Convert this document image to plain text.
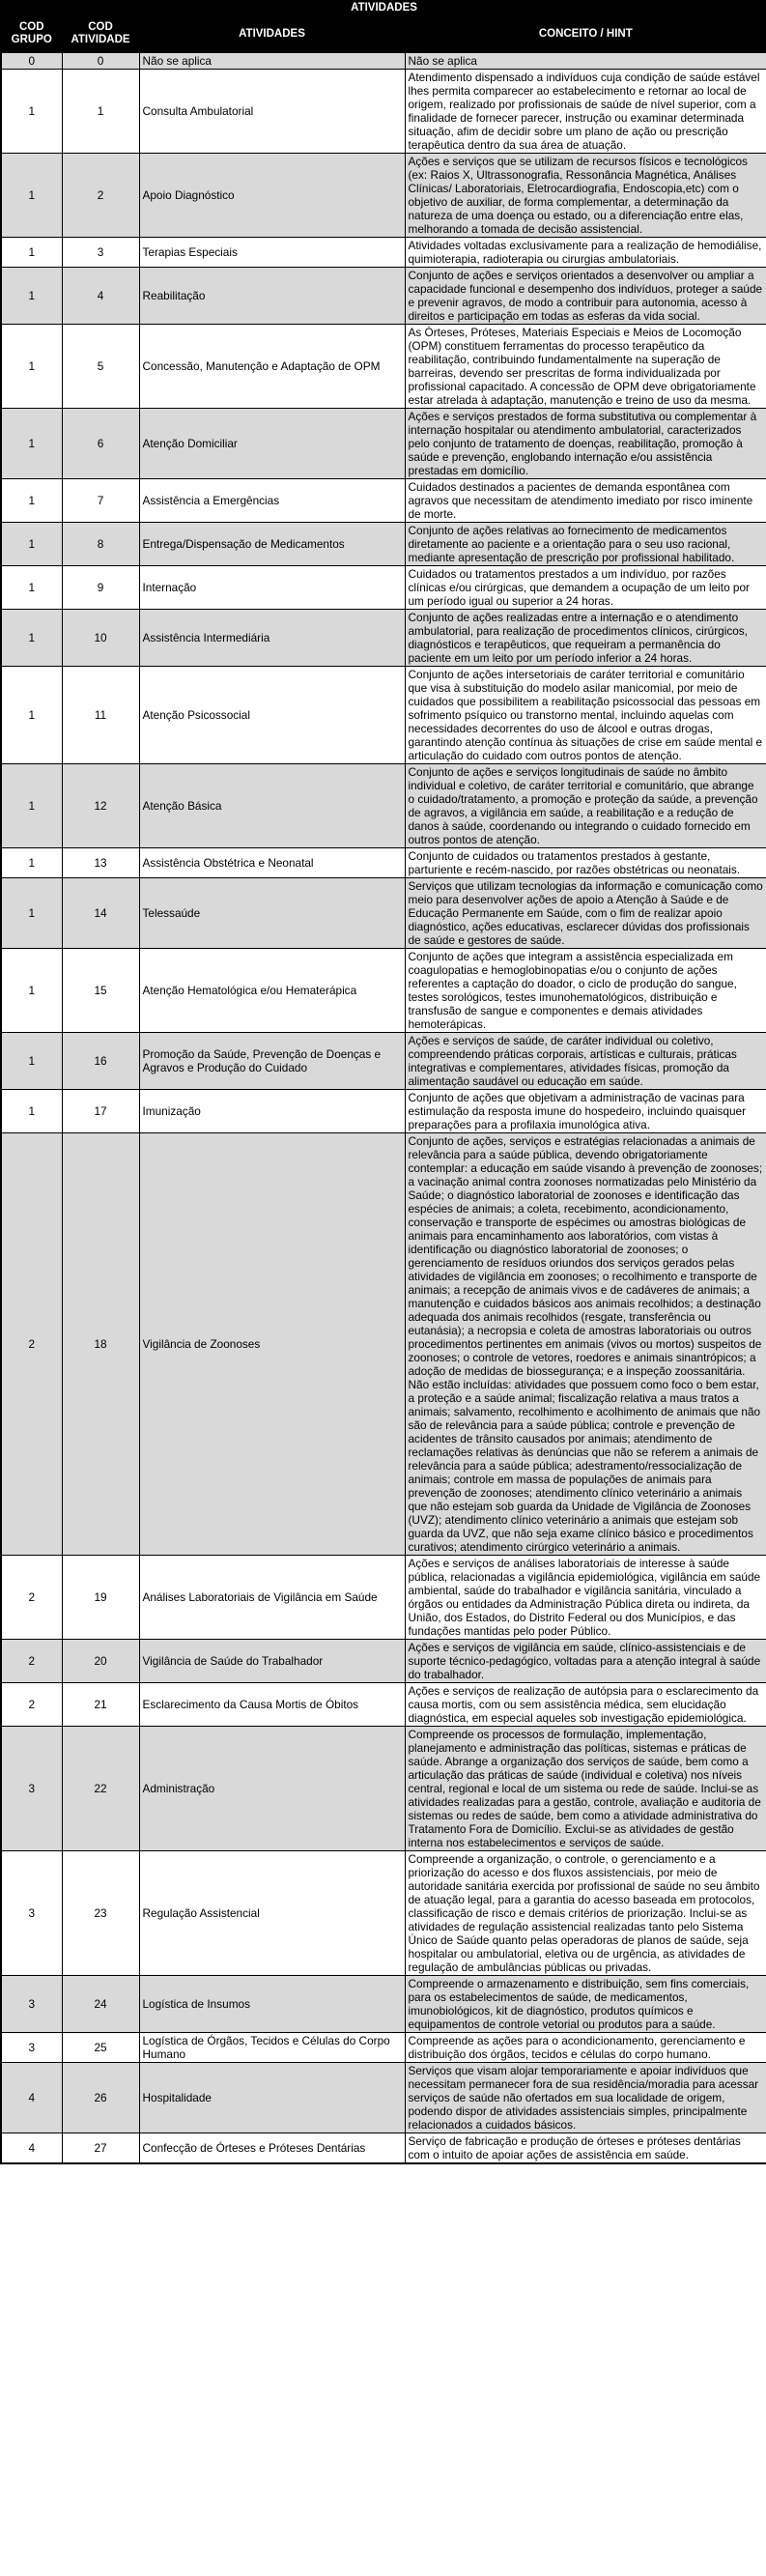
ATIVIDADES			
COD GRUPO	COD ATIVIDADE	ATIVIDADES	CONCEITO / HINT
0	0	Não se aplica	Não se aplica
1	1	Consulta Ambulatorial	Atendimento dispensado a indivíduos cuja condição de saúde estável lhes permita comparecer ao estabelecimento e retornar ao local de origem, realizado por profissionais de saúde de nível superior, com a finalidade de fornecer parecer, instrução ou examinar determinada situação, afim de decidir sobre um plano de ação ou prescrição terapêutica dentro da sua área de atuação.
1	2	Apoio Diagnóstico	Ações e serviços que se utilizam de recursos físicos e tecnológicos (ex: Raios X, Ultrassonografia, Ressonância Magnética, Análises Clínicas/ Laboratoriais, Eletrocardiografia, Endoscopia,etc) com o objetivo de auxiliar, de forma complementar, a determinação da natureza de uma doença ou estado, ou a diferenciação entre elas, melhorando a tomada de decisão assistencial.
1	3	Terapias Especiais	Atividades voltadas exclusivamente para a realização de hemodiálise, quimioterapia, radioterapia ou cirurgias ambulatoriais.
1	4	Reabilitação	Conjunto de ações e serviços orientados a desenvolver ou ampliar a capacidade funcional e desempenho dos indivíduos, proteger a saúde e prevenir agravos, de modo a contribuir para autonomia, acesso à direitos e participação em todas as esferas da vida social.
1	5	Concessão, Manutenção e Adaptação de OPM	As Órteses, Próteses, Materiais Especiais e Meios de Locomoção (OPM) constituem ferramentas do processo terapêutico da reabilitação, contribuindo fundamentalmente na superação de barreiras, devendo ser prescritas de forma individualizada por profissional capacitado. A concessão de OPM deve obrigatoriamente estar atrelada à adaptação, manutenção e treino de uso da mesma.
1	6	Atenção Domiciliar	Ações e serviços prestados de forma substitutiva ou complementar à internação hospitalar ou atendimento ambulatorial, caracterizados pelo conjunto de tratamento de doenças, reabilitação, promoção à saúde e prevenção, englobando internação e/ou assistência prestadas em domicílio.
1	7	Assistência a Emergências	Cuidados destinados a pacientes de demanda espontânea com agravos que necessitam de atendimento imediato por risco iminente de morte.
1	8	Entrega/Dispensação de Medicamentos	Conjunto de ações relativas ao fornecimento de medicamentos diretamente ao paciente e a orientação para o seu uso racional, mediante apresentação de prescrição por profissional habilitado.
1	9	Internação	Cuidados ou tratamentos prestados a um indivíduo, por razões clínicas e/ou cirúrgicas, que demandem a ocupação de um leito por um período igual ou superior a 24 horas.
1	10	Assistência Intermediária	Conjunto de ações realizadas entre a internação e o atendimento ambulatorial, para realização de procedimentos clínicos, cirúrgicos, diagnósticos e terapêuticos, que requeiram a permanência do paciente em um leito por um período inferior a 24 horas.
1	11	Atenção Psicossocial	Conjunto de ações intersetoriais de caráter territorial e comunitário que visa à substituição do modelo asilar manicomial, por meio de cuidados que possibilitem a reabilitação psicossocial das pessoas em sofrimento psíquico ou transtorno mental, incluindo aquelas com necessidades decorrentes do uso de álcool e outras drogas, garantindo atenção contínua às situações de crise em saúde mental e articulação do cuidado com outros pontos de atenção.
1	12	Atenção Básica	Conjunto de ações e serviços longitudinais de saúde no âmbito individual e coletivo, de caráter territorial e comunitário, que abrange o cuidado/tratamento, a promoção e proteção da saúde, a prevenção de agravos, a vigilância em saúde, a reabilitação e a redução de danos à saúde, coordenando ou integrando o cuidado fornecido em outros pontos de atenção.
1	13	Assistência Obstétrica e Neonatal	Conjunto de cuidados ou tratamentos prestados à gestante, parturiente e recém-nascido, por razões obstétricas ou neonatais.
1	14	Telessaúde	Serviços que utilizam tecnologias da informação e comunicação como meio para desenvolver ações de apoio a Atenção à Saúde e de Educação Permanente em Saúde, com o fim de realizar apoio diagnóstico, ações educativas, esclarecer dúvidas dos profissionais de saúde e gestores de saúde.
1	15	Atenção Hematológica e/ou Hematerápica	Conjunto de ações que integram a assistência especializada em coagulopatias e hemoglobinopatias e/ou o conjunto de ações referentes a captação do doador, o ciclo de produção do sangue, testes sorológicos, testes imunohematológicos, distribuição e transfusão de sangue e componentes e demais atividades hemoterápicas.
1	16	Promoção da Saúde, Prevenção de Doenças e Agravos e Produção do Cuidado	Ações e serviços de saúde, de caráter individual ou coletivo, compreendendo práticas corporais, artísticas e culturais, práticas integrativas e complementares, atividades físicas, promoção da alimentação saudável ou educação em saúde.
1	17	Imunização	Conjunto de ações que objetivam a administração de vacinas para estimulação da resposta imune do hospedeiro, incluindo quaisquer preparações para a profilaxia imunológica ativa.
2	18	Vigilância de Zoonoses	Conjunto de ações, serviços e estratégias relacionadas a animais de relevância para a saúde pública, devendo obrigatoriamente contemplar: a educação em saúde visando à prevenção de zoonoses; a vacinação animal contra zoonoses normatizadas pelo Ministério da Saúde; o diagnóstico laboratorial de zoonoses e identificação das espécies de animais; a coleta, recebimento, acondicionamento, conservação e transporte de espécimes ou amostras biológicas de animais para encaminhamento aos laboratórios, com vistas à identificação ou diagnóstico laboratorial de zoonoses; o gerenciamento de resíduos oriundos dos serviços gerados pelas atividades de vigilância em zoonoses; o recolhimento e transporte de animais; a recepção de animais vivos e de cadáveres de animais; a manutenção e cuidados básicos aos animais recolhidos; a destinação adequada dos animais recolhidos (resgate, transferência ou eutanásia); a necropsia e coleta de amostras laboratoriais ou outros procedimentos pertinentes em animais (vivos ou mortos) suspeitos de zoonoses; o controle de vetores, roedores e animais sinantrópicos; a adoção de medidas de biossegurança; e a inspeção zoossanitária. Não estão incluídas: atividades que possuem como foco o bem estar, a proteção e a saúde animal; fiscalização relativa a maus tratos a animais; salvamento, recolhimento e acolhimento de animais que não são de relevância para a saúde pública; controle e prevenção de acidentes de trânsito causados por animais; atendimento de reclamações relativas às denúncias que não se referem a animais de relevância para a saúde pública; adestramento/ressocialização de animais; controle em massa de populações de animais para prevenção de zoonoses; atendimento clínico veterinário a animais que não estejam sob guarda da Unidade de Vigilância de Zoonoses (UVZ); atendimento clínico veterinário a animais que estejam sob guarda da UVZ, que não seja exame clínico básico e procedimentos curativos; atendimento cirúrgico veterinário a animais.
2	19	Análises Laboratoriais de Vigilância em Saúde	Ações e serviços de análises laboratoriais de interesse à saúde pública, relacionadas a vigilância epidemiológica, vigilância em saúde ambiental, saúde do trabalhador e vigilância sanitária, vinculado a órgãos ou entidades da Administração Pública direta ou indireta, da União, dos Estados, do Distrito Federal ou dos Municípios, e das fundações mantidas pelo poder Público.
2	20	Vigilância de Saúde do Trabalhador	Ações e serviços de vigilância em saúde, clínico-assistenciais e de suporte técnico-pedagógico, voltadas para a atenção integral à saúde do trabalhador.
2	21	Esclarecimento da Causa Mortis de Óbitos	Ações e serviços de realização de autópsia para o esclarecimento da causa mortis, com ou sem assistência médica, sem elucidação diagnóstica, em especial aqueles sob investigação epidemiológica.
3	22	Administração	Compreende os processos de formulação, implementação, planejamento e administração das políticas, sistemas e práticas de saúde. Abrange a organização dos serviços de saúde, bem como a articulação das práticas de saúde (individual e coletiva) nos níveis central, regional e local de um sistema ou rede de saúde. Inclui-se as atividades realizadas para a gestão, controle, avaliação e auditoria de sistemas ou redes de saúde, bem como a atividade administrativa do Tratamento Fora de Domicílio. Exclui-se as atividades de gestão interna nos estabelecimentos e serviços de saúde.
3	23	Regulação Assistencial	Compreende a organização, o controle, o gerenciamento e a priorização do acesso e dos fluxos assistenciais, por meio de autoridade sanitária exercida por profissional de saúde no seu âmbito de atuação legal, para a garantia do acesso baseada em protocolos, classificação de risco e demais critérios de priorização. Inclui-se as atividades de regulação assistencial realizadas tanto pelo Sistema Único de Saúde quanto pelas operadoras de planos de saúde, seja hospitalar ou ambulatorial, eletiva ou de urgência, as atividades de regulação de ambulâncias públicas ou privadas.
3	24	Logística de Insumos	Compreende o armazenamento e distribuição, sem fins comerciais, para os estabelecimentos de saúde, de medicamentos, imunobiológicos, kit de diagnóstico, produtos químicos e equipamentos de controle vetorial ou produtos para a saúde.
3	25	Logística de Órgãos, Tecidos e Células do Corpo Humano	Compreende as ações para o acondicionamento, gerenciamento e distribuição dos órgãos, tecidos e células do corpo humano.
4	26	Hospitalidade	Serviços que visam alojar temporariamente e apoiar indivíduos que necessitam permanecer fora de sua residência/moradia para acessar serviços de saúde não ofertados em sua localidade de origem, podendo dispor de atividades assistenciais simples, principalmente relacionados a cuidados básicos.
4	27	Confecção de Órteses e Próteses Dentárias	Serviço de fabricação e produção de órteses e próteses dentárias com o intuito de apoiar ações de assistência em saúde.
